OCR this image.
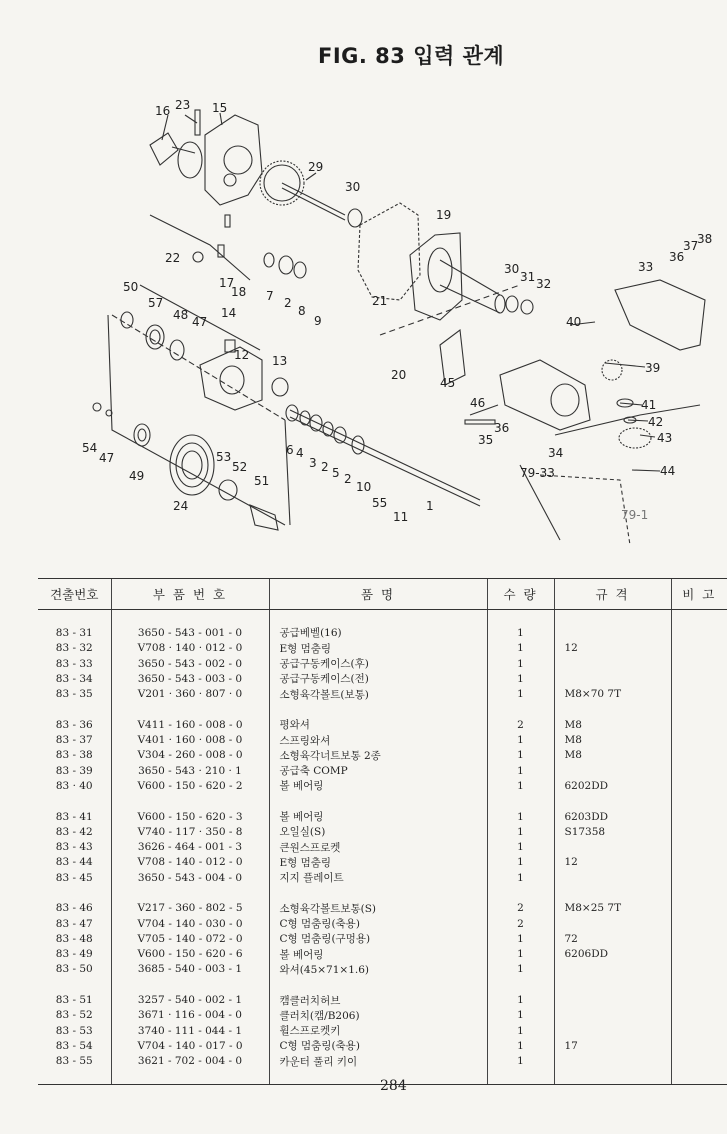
FIG. 83 입력 관계
16 23 15
29
30
19
22
17
18 7 2
8
9
21
30
31 32
33
36
37
38
50
57
48 47
14
12 13
20
45
40
39
41
42
43
46
35
36
34
54
47
49
53
52
6 4
3 2 5 2
10
55
11
1
51
24
79-33	44
79-1
견출번호	부 품 번 호	품 명	수 량	규 격	비 고

83 - 31	3650 - 543 - 001 - 0	공급베벨(16)	1		
83 - 32	V708 · 140 · 012 - 0	E형 멈춤링	1	12	
83 - 33	3650 - 543 - 002 - 0	공급구동케이스(후)	1		
83 - 34	3650 - 543 - 003 - 0	공급구동케이스(전)	1		
83 - 35	V201 · 360 · 807 · 0	소형육각볼트(보통)	1	M8×70 7T	

83 - 36	V411 - 160 - 008 - 0	평와셔	2	M8	
83 - 37	V401 · 160 · 008 - 0	스프링와셔	1	M8	
83 - 38	V304 - 260 - 008 - 0	소형육각너트보통 2종	1	M8	
83 - 39	3650 - 543 · 210 · 1	공급축 COMP	1		
83 · 40	V600 - 150 - 620 - 2	볼 베어링	1	6202DD	

83 - 41	V600 - 150 - 620 - 3	볼 베어링	1	6203DD	
83 - 42	V740 - 117 · 350 - 8	오일실(S)	1	S17358	
83 - 43	3626 - 464 - 001 - 3	큰원스프로켓	1		
83 - 44	V708 - 140 - 012 - 0	E형 멈춤링	1	12	
83 - 45	3650 - 543 - 004 - 0	지지 플레이트	1		

83 - 46	V217 - 360 - 802 - 5	소형육각볼트보통(S)	2	M8×25 7T	
83 - 47	V704 - 140 - 030 - 0	C형 멈춤링(축용)	2		
83 - 48	V705 - 140 - 072 - 0	C형 멈춤링(구멍용)	1	72	
83 - 49	V600 - 150 - 620 - 6	볼 베어링	1	6206DD	
83 - 50	3685 - 540 - 003 - 1	와셔(45×71×1.6)	1		

83 - 51	3257 - 540 - 002 - 1	캠클러치허브	1		
83 - 52	3671 · 116 - 004 - 0	클러치(캠/B206)	1		
83 - 53	3740 - 111 - 044 - 1	휠스프로켓키	1		
83 - 54	V704 - 140 - 017 - 0	C형 멈춤링(축용)	1	17	
83 - 55	3621 - 702 - 004 - 0	카운터 풀리 키이	1		

284
